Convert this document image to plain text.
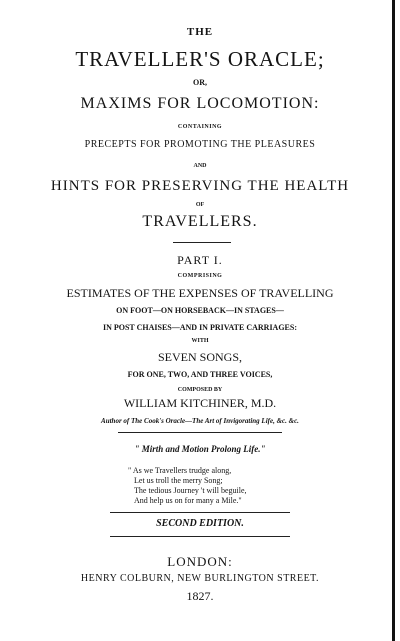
THE

TRAVELLER'S ORACLE;

OR,

MAXIMS FOR LOCOMOTION:

CONTAINING

PRECEPTS FOR PROMOTING THE PLEASURES

AND

HINTS FOR PRESERVING THE HEALTH

OF

TRAVELLERS.

PART I.

COMPRISING

ESTIMATES OF THE EXPENSES OF TRAVELLING

ON FOOT—ON HORSEBACK—IN STAGES—

IN POST CHAISES—AND IN PRIVATE CARRIAGES:

WITH

SEVEN SONGS,

FOR ONE, TWO, AND THREE VOICES,

COMPOSED BY

WILLIAM KITCHINER, M.D.

Author of The Cook's Oracle—The Art of Invigorating Life, &c. &c.

" Mirth and Motion Prolong Life."

" As we Travellers trudge along,
Let us troll the merry Song;
The tedious Journey 't will beguile,
And help us on for many a Mile."

SECOND EDITION.

LONDON:

HENRY COLBURN, NEW BURLINGTON STREET.

1827.
